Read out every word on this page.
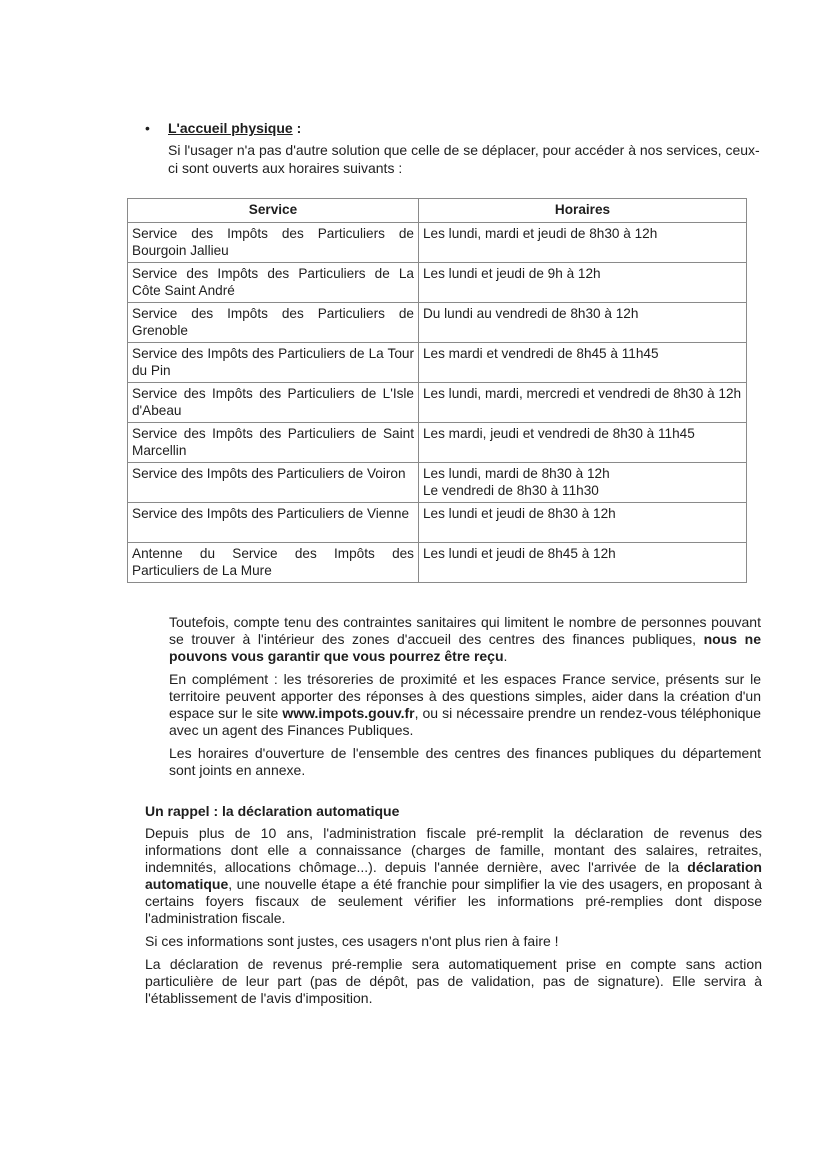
• L'accueil physique :
Si l'usager n'a pas d'autre solution que celle de se déplacer, pour accéder à nos services, ceux-ci sont ouverts aux horaires suivants :
Service	Horaires
Service des Impôts des Particuliers de Bourgoin Jallieu	Les lundi, mardi et jeudi de 8h30 à 12h

Service des Impôts des Particuliers de La Côte Saint André	Les lundi et jeudi de 9h à 12h

Service des Impôts des Particuliers de Grenoble	Du lundi au vendredi de 8h30 à 12h

Service des Impôts des Particuliers de La Tour du Pin	Les mardi et vendredi de 8h45 à 11h45

Service des Impôts des Particuliers de L'Isle d'Abeau	Les lundi, mardi, mercredi et vendredi de 8h30 à 12h

Service des Impôts des Particuliers de Saint Marcellin	Les mardi, jeudi et vendredi de 8h30 à 11h45

Service des Impôts des Particuliers de Voiron	Les lundi, mardi de 8h30 à 12h
Le vendredi de 8h30 à 11h30

Service des Impôts des Particuliers de Vienne	Les lundi et jeudi de 8h30 à 12h

Antenne du Service des Impôts des Particuliers de La Mure	Les lundi et jeudi de 8h45 à 12h

Toutefois, compte tenu des contraintes sanitaires qui limitent le nombre de personnes pouvant se trouver à l'intérieur des zones d'accueil des centres des finances publiques, nous ne pouvons vous garantir que vous pourrez être reçu.

En complément : les trésoreries de proximité et les espaces France service, présents sur le territoire peuvent apporter des réponses à des questions simples, aider dans la création d'un espace sur le site www.impots.gouv.fr, ou si nécessaire prendre un rendez-vous téléphonique avec un agent des Finances Publiques.

Les horaires d'ouverture de l'ensemble des centres des finances publiques du département sont joints en annexe.

Un rappel : la déclaration automatique

Depuis plus de 10 ans, l'administration fiscale pré-remplit la déclaration de revenus des informations dont elle a connaissance (charges de famille, montant des salaires, retraites, indemnités, allocations chômage...). depuis l'année dernière, avec l'arrivée de la déclaration automatique, une nouvelle étape a été franchie pour simplifier la vie des usagers, en proposant à certains foyers fiscaux de seulement vérifier les informations pré-remplies dont dispose l'administration fiscale.

Si ces informations sont justes, ces usagers n'ont plus rien à faire !

La déclaration de revenus pré-remplie sera automatiquement prise en compte sans action particulière de leur part (pas de dépôt, pas de validation, pas de signature). Elle servira à l'établissement de l'avis d'imposition.
